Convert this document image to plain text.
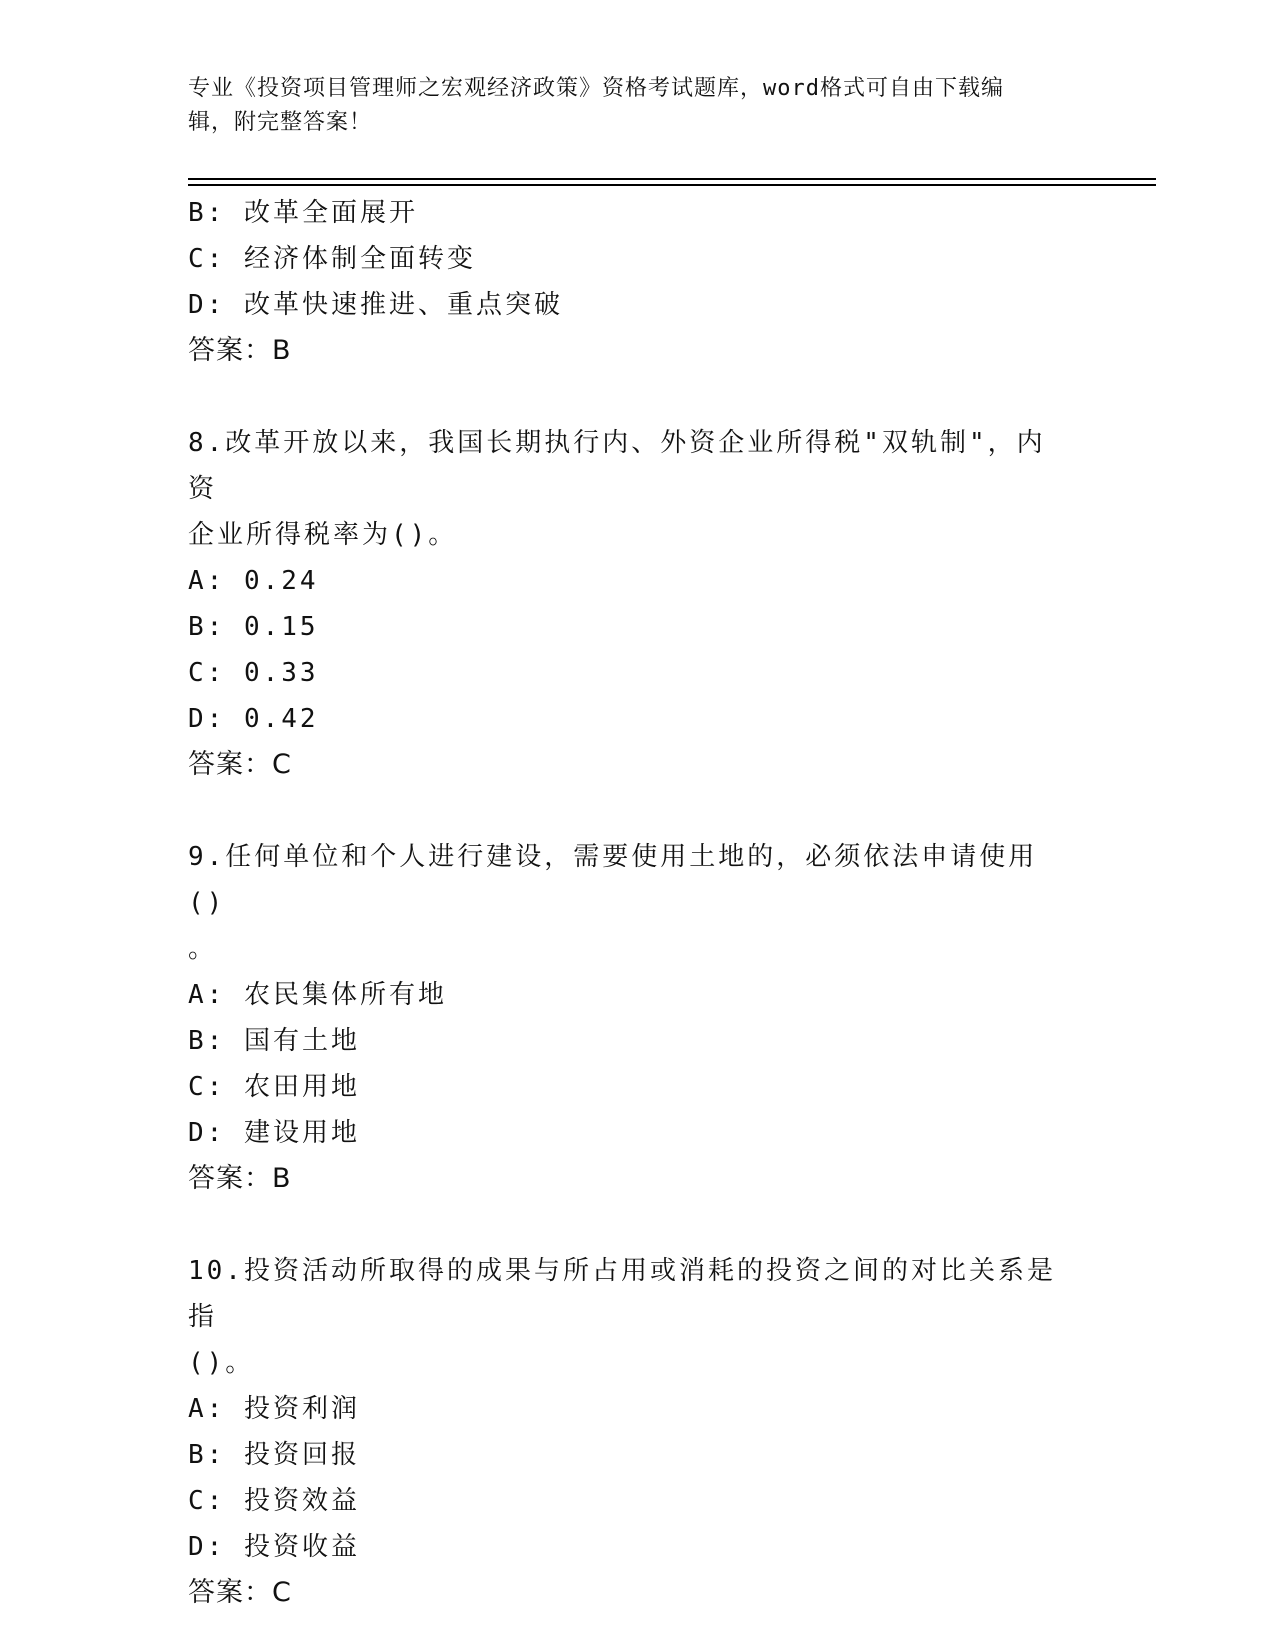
专业《投资项目管理师之宏观经济政策》资格考试题库，word格式可自由下载编
辑，附完整答案！
B: 改革全面展开
C: 经济体制全面转变
D: 改革快速推进、重点突破
答案：B
8.改革开放以来，我国长期执行内、外资企业所得税"双轨制"，内资
企业所得税率为()。
A: 0.24
B: 0.15
C: 0.33
D: 0.42
答案：C
9.任何单位和个人进行建设，需要使用土地的，必须依法申请使用()
。
A: 农民集体所有地
B: 国有土地
C: 农田用地
D: 建设用地
答案：B
10.投资活动所取得的成果与所占用或消耗的投资之间的对比关系是指
()。
A: 投资利润
B: 投资回报
C: 投资效益
D: 投资收益
答案：C
